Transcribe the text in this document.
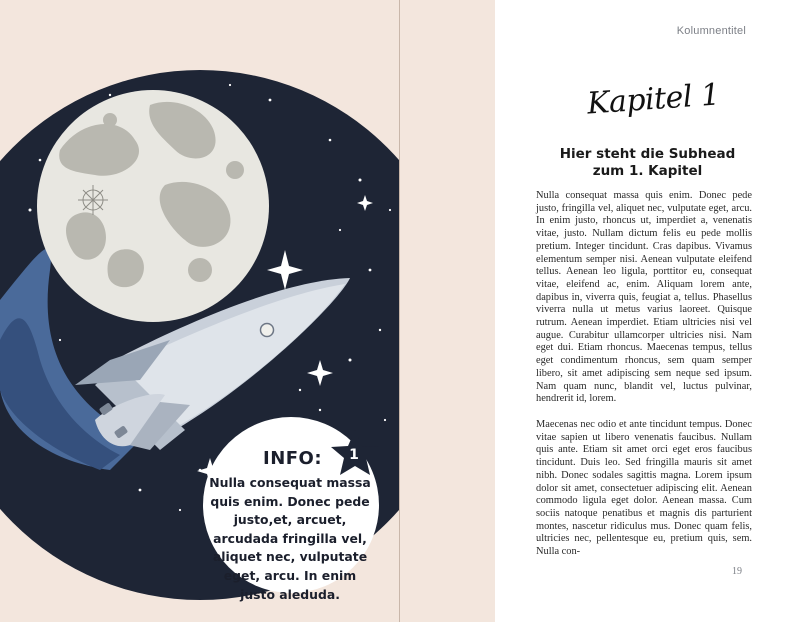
INFO: 1
Nulla consequat massa quis enim. Donec pede justo,et, arcuet, arcudada fringilla vel, aliquet nec, vulputate eget, arcu. In enim justo aleduda.
Kolumnentitel
Kapitel 1
Hier steht die Subhead zum 1. Kapitel
Nulla consequat massa quis enim. Donec pede justo, fringilla vel, aliquet nec, vulputate eget, arcu. In enim justo, rhoncus ut, imperdiet a, venenatis vitae, justo. Nullam dictum felis eu pede mollis pretium. Integer tincidunt. Cras dapibus. Vivamus elementum semper nisi. Aenean vulputate eleifend tellus. Aenean leo ligula, porttitor eu, consequat vitae, eleifend ac, enim. Aliquam lorem ante, dapibus in, viverra quis, feugiat a, tellus. Phasellus viverra nulla ut metus varius laoreet. Quisque rutrum. Aenean imperdiet. Etiam ultricies nisi vel augue. Curabitur ullamcorper ultricies nisi. Nam eget dui. Etiam rhoncus. Maecenas tempus, tellus eget condimentum rhoncus, sem quam semper libero, sit amet adipiscing sem neque sed ipsum. Nam quam nunc, blandit vel, luctus pulvinar, hendrerit id, lorem.
Maecenas nec odio et ante tincidunt tempus. Donec vitae sapien ut libero venenatis faucibus. Nullam quis ante. Etiam sit amet orci eget eros faucibus tincidunt. Duis leo. Sed fringilla mauris sit amet nibh. Donec sodales sagittis magna. Lorem ipsum dolor sit amet, consectetuer adipiscing elit. Aenean commodo ligula eget dolor. Aenean massa. Cum sociis natoque penatibus et magnis dis parturient montes, nascetur ridiculus mus. Donec quam felis, ultricies nec, pellentesque eu, pretium quis, sem. Nulla con-
19
